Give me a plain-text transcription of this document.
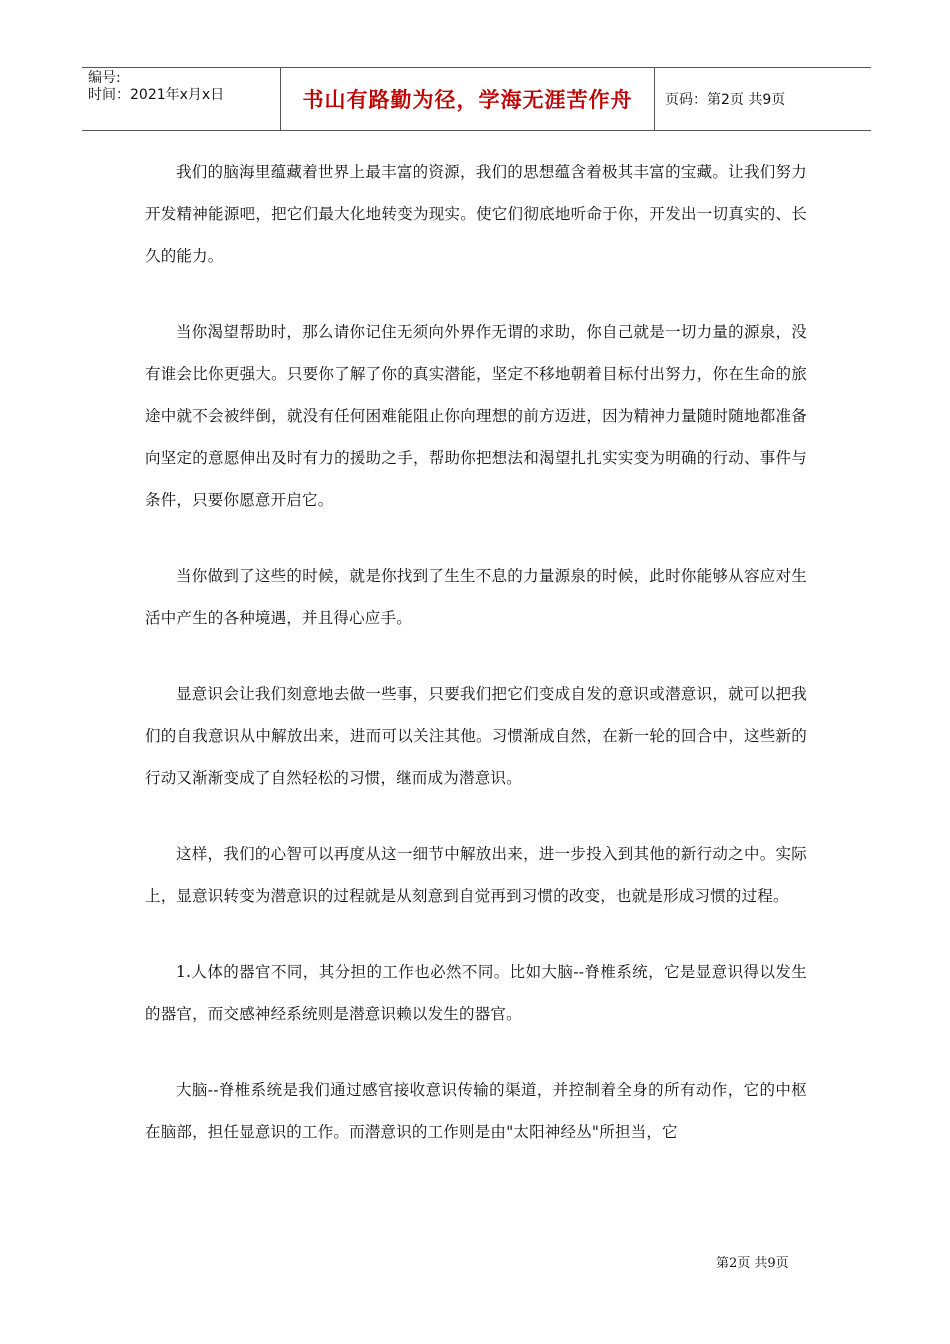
编号:
时间：2021年x月x日	书山有路勤为径，学海无涯苦作舟	页码：第2页 共9页

我们的脑海里蕴藏着世界上最丰富的资源，我们的思想蕴含着极其丰富的宝藏。让我们努力开发精神能源吧，把它们最大化地转变为现实。使它们彻底地听命于你，开发出一切真实的、长久的能力。

当你渴望帮助时，那么请你记住无须向外界作无谓的求助，你自己就是一切力量的源泉，没有谁会比你更强大。只要你了解了你的真实潜能，坚定不移地朝着目标付出努力，你在生命的旅途中就不会被绊倒，就没有任何困难能阻止你向理想的前方迈进，因为精神力量随时随地都准备向坚定的意愿伸出及时有力的援助之手，帮助你把想法和渴望扎扎实实变为明确的行动、事件与条件，只要你愿意开启它。

当你做到了这些的时候，就是你找到了生生不息的力量源泉的时候，此时你能够从容应对生活中产生的各种境遇，并且得心应手。

显意识会让我们刻意地去做一些事，只要我们把它们变成自发的意识或潜意识，就可以把我们的自我意识从中解放出来，进而可以关注其他。习惯渐成自然，在新一轮的回合中，这些新的行动又渐渐变成了自然轻松的习惯，继而成为潜意识。

这样，我们的心智可以再度从这一细节中解放出来，进一步投入到其他的新行动之中。实际上，显意识转变为潜意识的过程就是从刻意到自觉再到习惯的改变，也就是形成习惯的过程。

1.人体的器官不同，其分担的工作也必然不同。比如大脑--脊椎系统，它是显意识得以发生的器官，而交感神经系统则是潜意识赖以发生的器官。

大脑--脊椎系统是我们通过感官接收意识传输的渠道，并控制着全身的所有动作，它的中枢在脑部，担任显意识的工作。而潜意识的工作则是由"太阳神经丛"所担当，它

第2页 共9页
